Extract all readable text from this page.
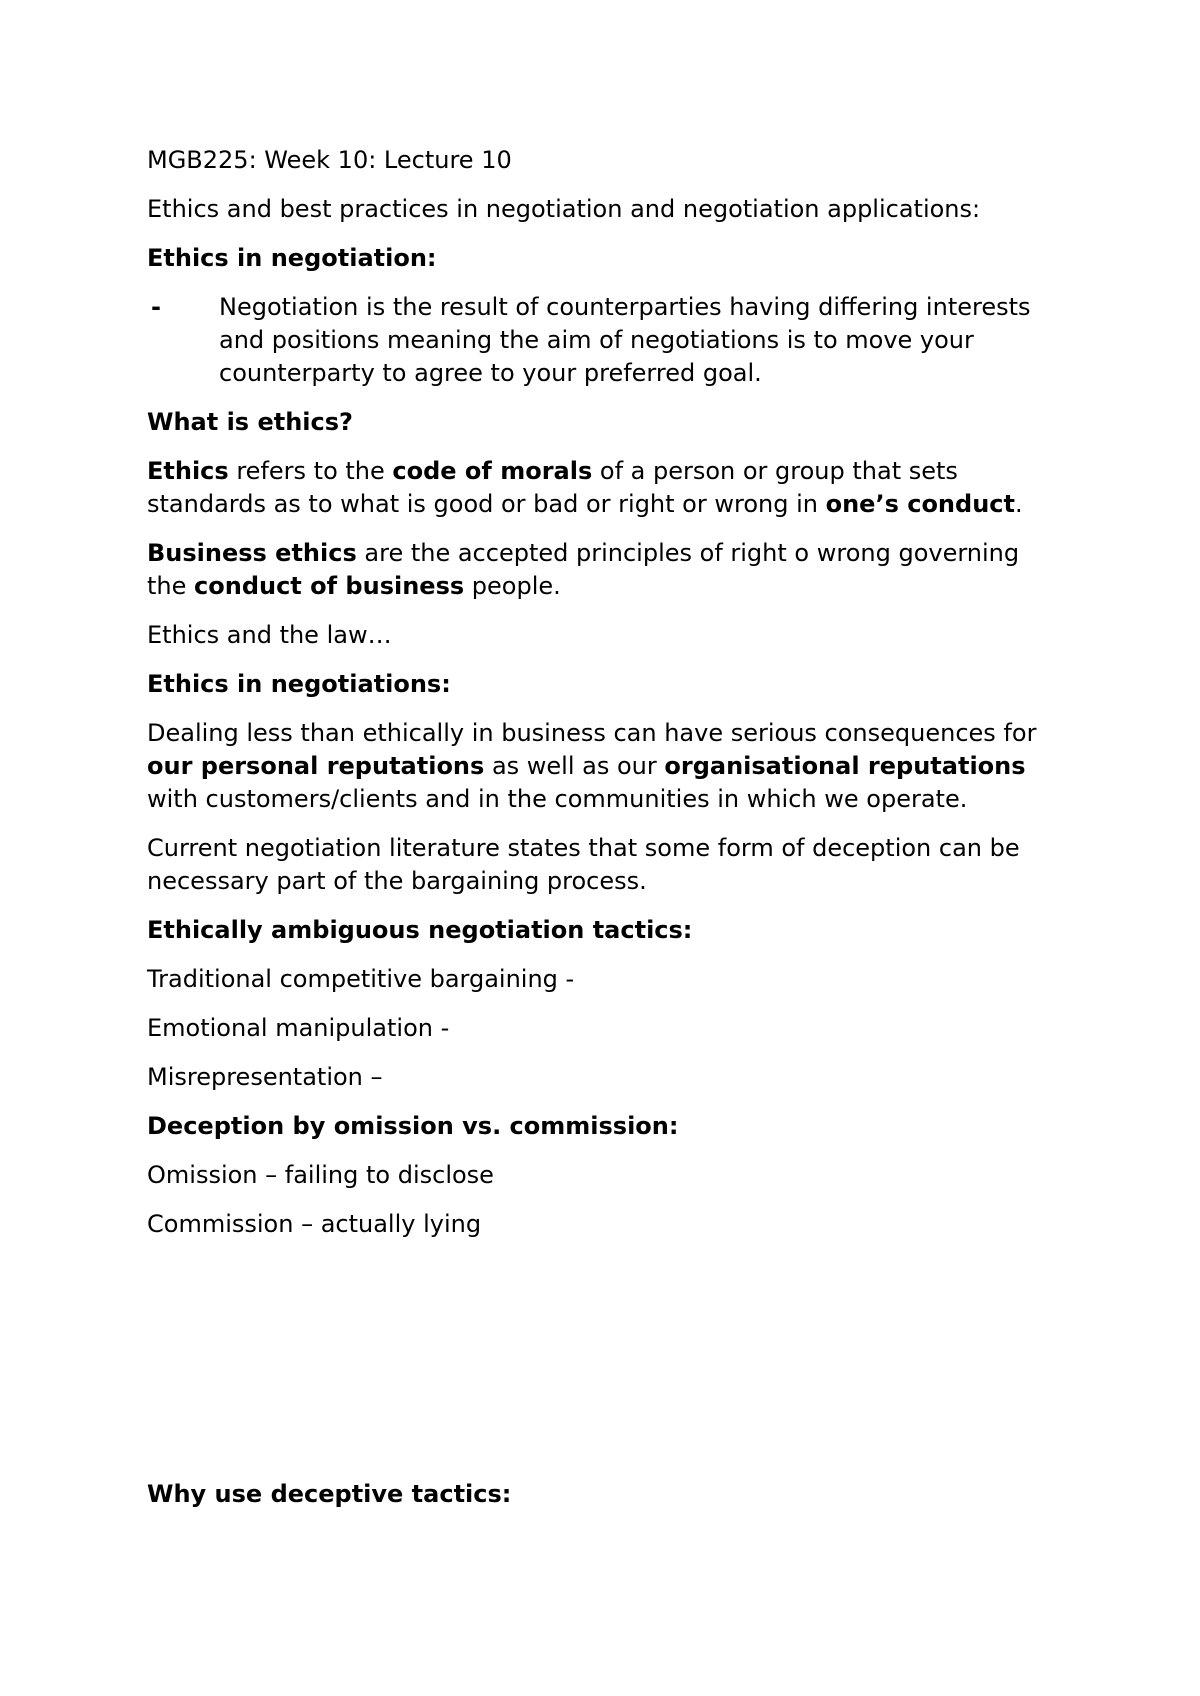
MGB225: Week 10: Lecture 10

Ethics and best practices in negotiation and negotiation applications:

Ethics in negotiation:

-	Negotiation is the result of counterparties having differing interests

and positions meaning the aim of negotiations is to move your

counterparty to agree to your preferred goal.

What is ethics?

Ethics refers to the code of morals of a person or group that sets

standards as to what is good or bad or right or wrong in one’s conduct.

Business ethics are the accepted principles of right o wrong governing

the conduct of business people.

Ethics and the law…

Ethics in negotiations:

Dealing less than ethically in business can have serious consequences for

our personal reputations as well as our organisational reputations

with customers/clients and in the communities in which we operate.

Current negotiation literature states that some form of deception can be

necessary part of the bargaining process.

Ethically ambiguous negotiation tactics:

Traditional competitive bargaining -

Emotional manipulation -

Misrepresentation –

Deception by omission vs. commission:

Omission – failing to disclose

Commission – actually lying

Why use deceptive tactics:
